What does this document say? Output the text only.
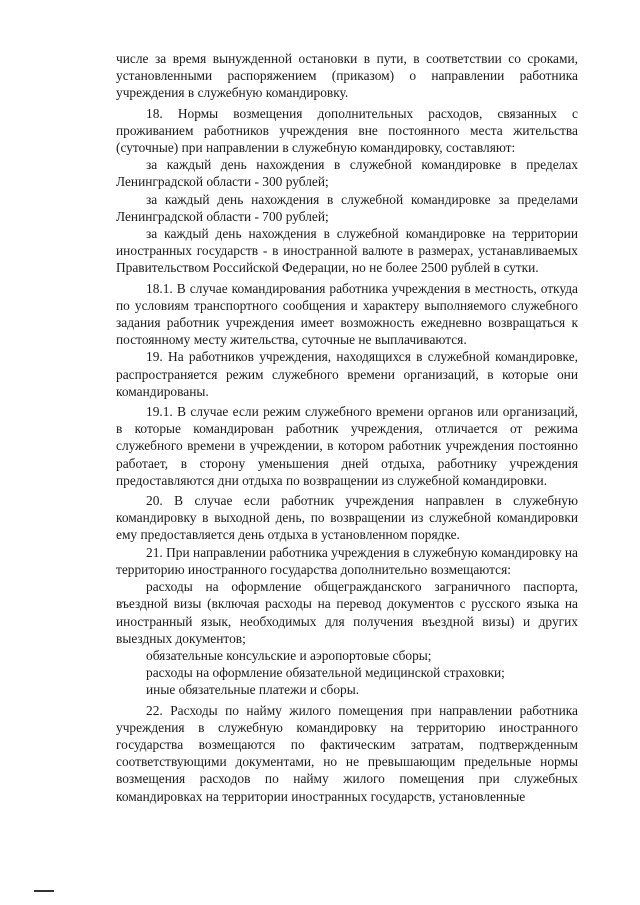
числе за время вынужденной остановки в пути, в соответствии со сроками, установленными распоряжением (приказом) о направлении работника учреждения в служебную командировку.

18. Нормы возмещения дополнительных расходов, связанных с проживанием работников учреждения вне постоянного места жительства (суточные) при направлении в служебную командировку, составляют:

за каждый день нахождения в служебной командировке в пределах Ленинградской области - 300 рублей;

за каждый день нахождения в служебной командировке за пределами Ленинградской области - 700 рублей;

за каждый день нахождения в служебной командировке на территории иностранных государств - в иностранной валюте в размерах, устанавливаемых Правительством Российской Федерации, но не более 2500 рублей в сутки.

18.1. В случае командирования работника учреждения в местность, откуда по условиям транспортного сообщения и характеру выполняемого служебного задания работник учреждения имеет возможность ежедневно возвращаться к постоянному месту жительства, суточные не выплачиваются.

19. На работников учреждения, находящихся в служебной командировке, распространяется режим служебного времени организаций, в которые они командированы.

19.1. В случае если режим служебного времени органов или организаций, в которые командирован работник учреждения, отличается от режима служебного времени в учреждении, в котором работник учреждения постоянно работает, в сторону уменьшения дней отдыха, работнику учреждения предоставляются дни отдыха по возвращении из служебной командировки.

20. В случае если работник учреждения направлен в служебную командировку в выходной день, по возвращении из служебной командировки ему предоставляется день отдыха в установленном порядке.

21. При направлении работника учреждения в служебную командировку на территорию иностранного государства дополнительно возмещаются:

расходы на оформление общегражданского заграничного паспорта, въездной визы (включая расходы на перевод документов с русского языка на иностранный язык, необходимых для получения въездной визы) и других выездных документов;

обязательные консульские и аэропортовые сборы;

расходы на оформление обязательной медицинской страховки;

иные обязательные платежи и сборы.

22. Расходы по найму жилого помещения при направлении работника учреждения в служебную командировку на территорию иностранного государства возмещаются по фактическим затратам, подтвержденным соответствующими документами, но не превышающим предельные нормы возмещения расходов по найму жилого помещения при служебных командировках на территории иностранных государств, установленные
